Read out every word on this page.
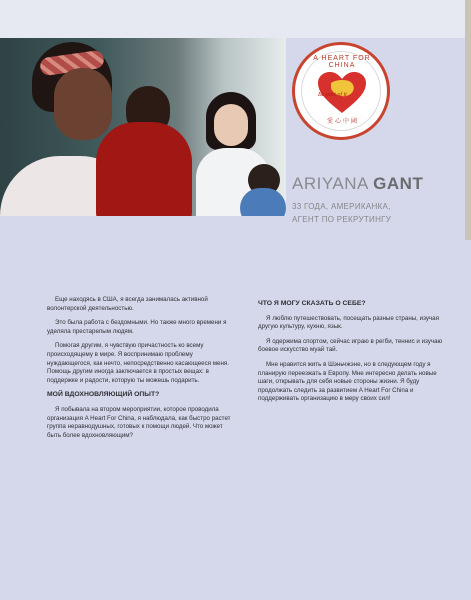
A HEART FOR CHINA
Be part of it
愛心中國
ARIYANA GANT
33 ГОДА, АМЕРИКАНКА,
АГЕНТ ПО РЕКРУТИНГУ

Еще находясь в США, я всегда занималась активной волонтерской деятельностью.

Это была работа с бездомными. Но также много времени я уделяла престарелым людям.

Помогая другим, я чувствую причастность ко всему происходящему в мире. Я воспринимаю проблему нуждающегося, как нечто, непосредственно касающееся меня. Помощь другим иногда заключается в простых вещах: в поддержке и радости, которую ты можешь подарить.

МОЙ ВДОХНОВЛЯЮЩИЙ ОПЫТ?

Я побывала на втором мероприятии, которое проводила организация A Heart For China, я наблюдала, как быстро растет группа неравнодушных, готовых к помощи людей. Что может быть более вдохновляющим?

ЧТО Я МОГУ СКАЗАТЬ О СЕБЕ?

Я люблю путешествовать, посещать разные страны, изучая другую культуру, кухню, язык.

Я одержима спортом, сейчас играю в регби, теннис и изучаю боевое искусство муай тай.

Мне нравится жить в Шэньчжэне, но в следующем году я планирую переезжать в Европу. Мне интересно делать новые шаги, открывать для себя новые стороны жизни. Я буду продолжать следить за развитием A Heart For China и поддерживать организацию в меру своих сил!
